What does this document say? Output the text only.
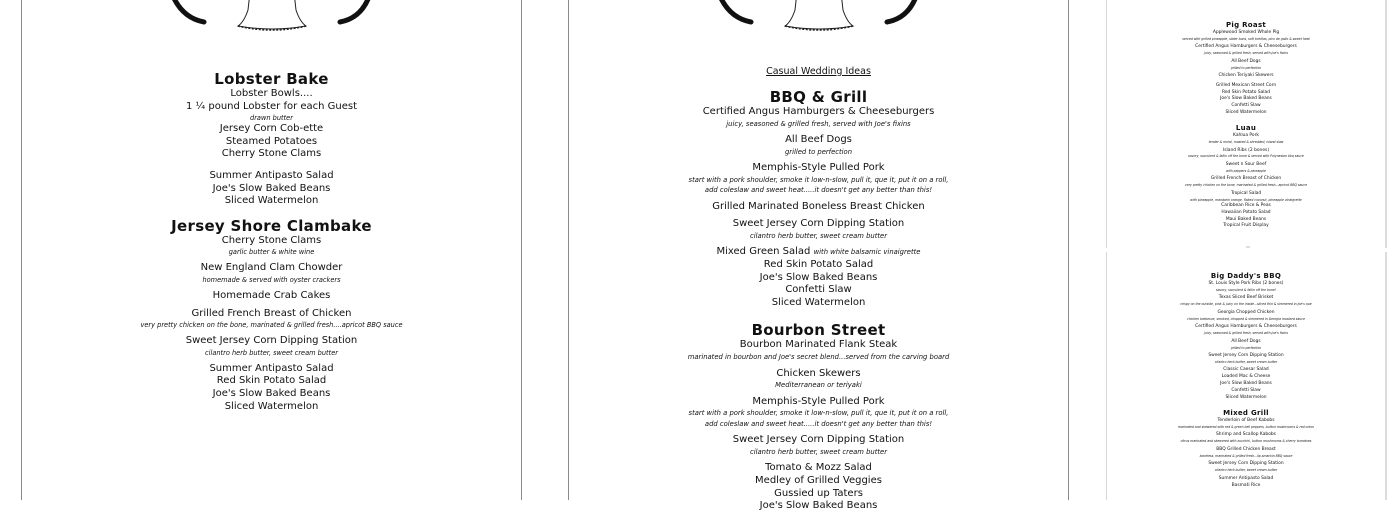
Lobster Bake
Lobster Bowls....
1 ¼ pound Lobster for each Guest
drawn butter
Jersey Corn Cob-ette
Steamed Potatoes
Cherry Stone Clams
Summer Antipasto Salad
Joe's Slow Baked Beans
Sliced Watermelon
Jersey Shore Clambake
Cherry Stone Clams
garlic butter & white wine
New England Clam Chowder
homemade & served with oyster crackers
Homemade Crab Cakes
Grilled French Breast of Chicken
very pretty chicken on the bone, marinated & grilled fresh....apricot BBQ sauce
Sweet Jersey Corn Dipping Station
cilantro herb butter, sweet cream butter
Summer Antipasto Salad
Red Skin Potato Salad
Joe's Slow Baked Beans
Sliced Watermelon
Casual Wedding Ideas
BBQ & Grill
Certified Angus Hamburgers & Cheeseburgers
juicy, seasoned & grilled fresh, served with Joe's fixins
All Beef Dogs
grilled to perfection
Memphis-Style Pulled Pork
start with a pork shoulder, smoke it low-n-slow, pull it, que it, put it on a roll,
add coleslaw and sweet heat.....it doesn't get any better than this!
Grilled Marinated Boneless Breast Chicken
Sweet Jersey Corn Dipping Station
cilantro herb butter, sweet cream butter
Mixed Green Salad with white balsamic vinaigrette
Red Skin Potato Salad
Joe's Slow Baked Beans
Confetti Slaw
Sliced Watermelon
Bourbon Street
Bourbon Marinated Flank Steak
marinated in bourbon and Joe's secret blend...served from the carving board
Chicken Skewers
Mediterranean or teriyaki
Memphis-Style Pulled Pork
start with a pork shoulder, smoke it low-n-slow, pull it, que it, put it on a roll,
add coleslaw and sweet heat.....it doesn't get any better than this!
Sweet Jersey Corn Dipping Station
cilantro herb butter, sweet cream butter
Tomato & Mozz Salad
Medley of Grilled Veggies
Gussied up Taters
Joe's Slow Baked Beans
Pig Roast
Applewood Smoked Whole Pig
served with grilled pineapple, slider buns, soft tortillas, pico de gallo & sweet heat
Certified Angus Hamburgers & Cheeseburgers
juicy, seasoned & grilled fresh, served with Joe's fixins
All Beef Dogs
grilled to perfection
Chicken Teriyaki Skewers
Grilled Mexican Street Corn
Red Skin Potato Salad
Joe's Slow Baked Beans
Confetti Slaw
Sliced Watermelon
Luau
Kahlua Pork
tender & moist, roasted & shredded, island slaw
Island Ribs (2 bones)
savory, succulent & fallin off the bone & served with Polynesian bbq sauce
Sweet n Sour Beef
with peppers & pineapple
Grilled French Breast of Chicken
very pretty chicken on the bone, marinated & grilled fresh...apricot BBQ sauce
Tropical Salad
with pineapple, mandarin orange, flaked coconut, pineapple vinaigrette
Caribbean Rice & Peas
Hawaiian Potato Salad
Maui Baked Beans
Tropical Fruit Display
Big Daddy's BBQ
St. Louis Style Pork Ribs (2 bones)
savory, succulent & fallin off the bone!
Texas Sliced Beef Brisket
crispy on the outside, pink & juicy on the inside...sliced thin & simmered in Joe's que
Georgia Chopped Chicken
chicken barbecue, smoked, chopped & simmered in Georgia mustard sauce
Certified Angus Hamburgers & Cheeseburgers
juicy, seasoned & grilled fresh, served with Joe's fixins
All Beef Dogs
grilled to perfection
Sweet Jersey Corn Dipping Station
cilantro herb butter, sweet cream butter
Classic Caesar Salad
Loaded Mac & Cheese
Joe's Slow Baked Beans
Confetti Slaw
Sliced Watermelon
Mixed Grill
Tenderloin of Beef Kabobs
marinated and skewered with red & green bell peppers, button mushrooms & red onion
Shrimp and Scallop Kabobs
citrus marinated and skewered with zucchini, button mushrooms & cherry tomatoes
BBQ Grilled Chicken Breast
boneless, marinated & grilled fresh...lip-smackin BBQ sauce
Sweet Jersey Corn Dipping Station
cilantro herb butter, sweet cream butter
Summer Antipasto Salad
Basmati Rice
